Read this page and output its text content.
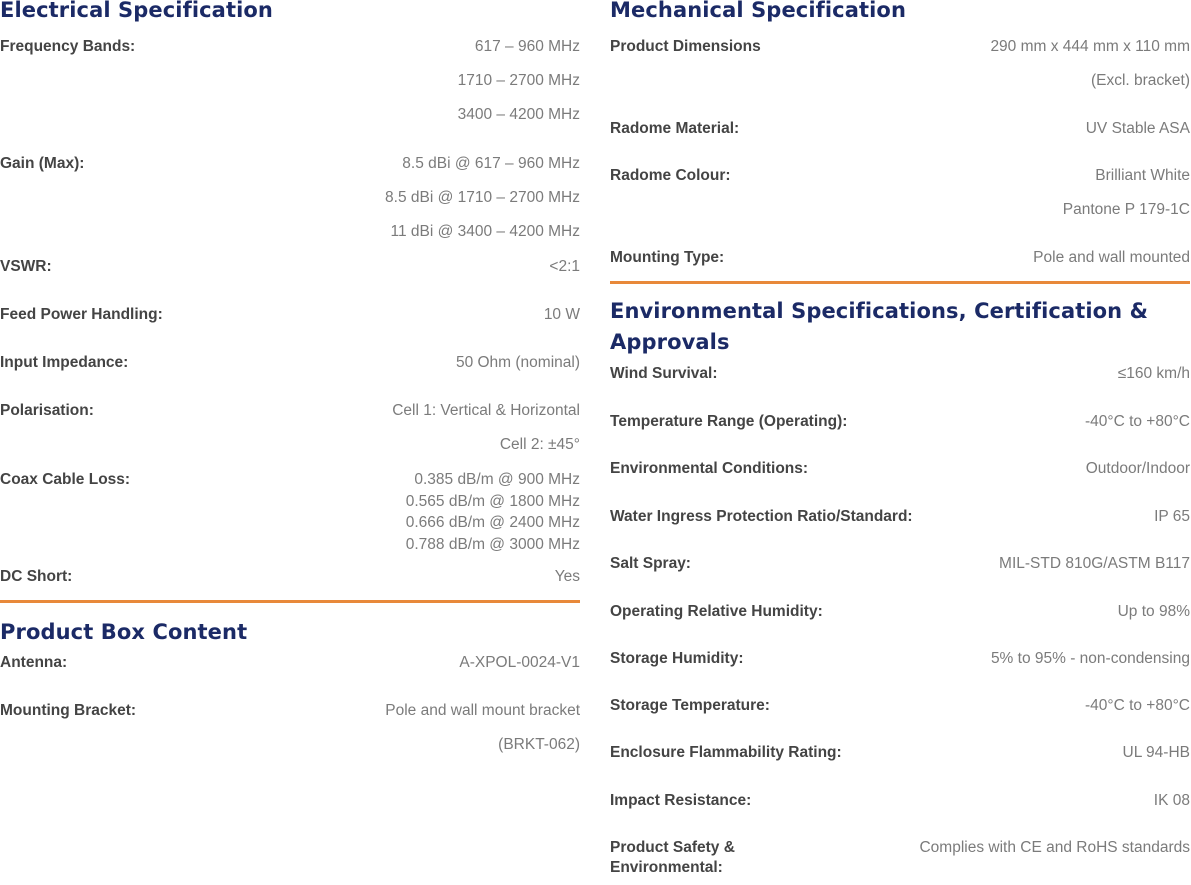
Electrical Specification
Frequency Bands:	617 – 960 MHz
1710 – 2700 MHz
3400 – 4200 MHz
Gain (Max):	8.5 dBi @ 617 – 960 MHz
8.5 dBi @ 1710 – 2700 MHz
11 dBi @ 3400 – 4200 MHz
VSWR:	<2:1
Feed Power Handling:	10 W
Input Impedance:	50 Ohm (nominal)
Polarisation:	Cell 1: Vertical & Horizontal
Cell 2: ±45°
Coax Cable Loss:	0.385 dB/m @ 900 MHz
0.565 dB/m @ 1800 MHz
0.666 dB/m @ 2400 MHz
0.788 dB/m @ 3000 MHz
DC Short:	Yes
Product Box Content
Antenna:	A-XPOL-0024-V1
Mounting Bracket:	Pole and wall mount bracket
(BRKT-062)
Mechanical Specification
Product Dimensions	290 mm x 444 mm x 110 mm
(Excl. bracket)
Radome Material:	UV Stable ASA
Radome Colour:	Brilliant White
Pantone P 179-1C
Mounting Type:	Pole and wall mounted
Environmental Specifications, Certification &
Approvals
Wind Survival:	≤160 km/h
Temperature Range (Operating):	-40°C to +80°C
Environmental Conditions:	Outdoor/Indoor
Water Ingress Protection Ratio/Standard:	IP 65
Salt Spray:	MIL-STD 810G/ASTM B117
Operating Relative Humidity:	Up to 98%
Storage Humidity:	5% to 95% - non-condensing
Storage Temperature:	-40°C to +80°C
Enclosure Flammability Rating:	UL 94-HB
Impact Resistance:	IK 08
Product Safety &
Environmental:
Complies with CE and RoHS standards
